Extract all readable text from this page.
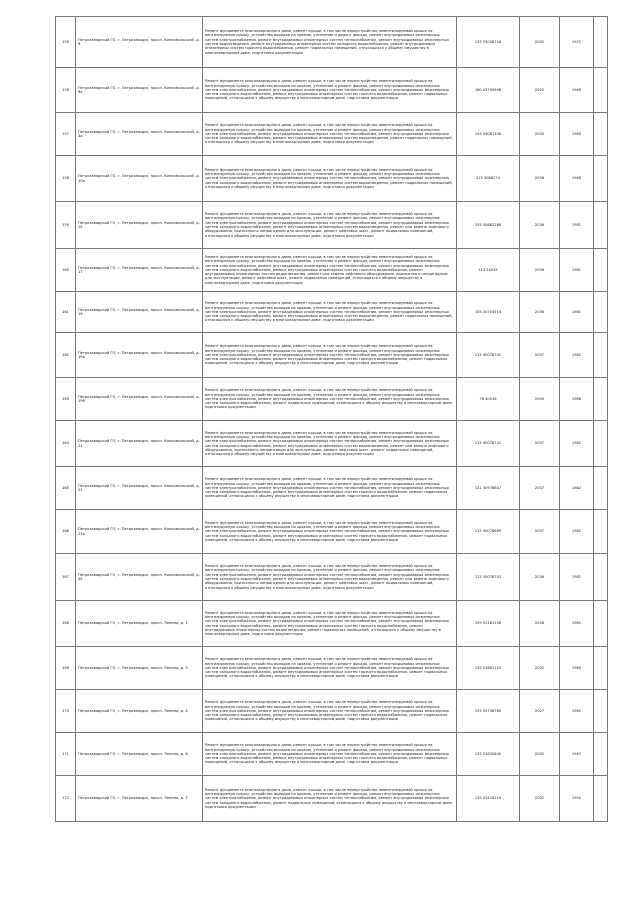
155	Петрозаводский ГО, г. Петрозаводск, просп. Комсомольский, д. 9	Ремонт фундамента многоквартирного дома, ремонт крыши, в том числе переустройство невентилируемой крыши на вентилируемую крышу, устройство выходов на кровлю, утепление и ремонт фасада, ремонт внутридомовых инженерных систем электроснабжения, ремонт внутридомовых инженерных систем теплоснабжения, ремонт внутридомовых инженерных систем водоотведения, ремонт внутридомовых инженерных систем холодного водоснабжения, ремонт внутридомовых инженерных систем горячего водоснабжения, ремонт подвальных помещений, относящихся к общему имуществу в многоквартирном доме, подготовка документации	135 53058718	2032	1971	
156	Петрозаводский ГО, г. Петрозаводск, просп. Комсомольский, д. 9а	Ремонт фундамента многоквартирного дома, ремонт крыши, в том числе переустройство невентилируемой крыши на вентилируемую крышу, устройство выходов на кровлю, утепление и ремонт фасада, ремонт внутридомовых инженерных систем электроснабжения, ремонт внутридомовых инженерных систем теплоснабжения, ремонт внутридомовых инженерных систем холодного водоснабжения, ремонт внутридомовых инженерных систем горячего водоснабжения, ремонт подвальных помещений, относящихся к общему имуществу в многоквартирном доме, подготовка документации	180 03790898	2025	1989	
157	Петрозаводский ГО, г. Петрозаводск, просп. Комсомольский, д. 3а	Ремонт фундамента многоквартирного дома, ремонт крыши, в том числе переустройство невентилируемой крыши на вентилируемую крышу, устройство выходов на кровлю, утепление и ремонт фасада, ремонт внутридомовых инженерных систем электроснабжения, ремонт внутридомовых инженерных систем теплоснабжения, ремонт внутридомовых инженерных систем холодного водоснабжения, ремонт внутридомовых инженерных систем водоотведения, ремонт подвальных помещений, относящихся к общему имуществу в многоквартирном доме, подготовка документации	155 54061338	2035	1960	
158	Петрозаводский ГО, г. Петрозаводск, просп. Комсомольский, д. 10а	Ремонт фундамента многоквартирного дома, ремонт крыши, в том числе переустройство невентилируемой крыши на вентилируемую крышу, устройство выходов на кровлю, утепление и ремонт фасада, ремонт внутридомовых инженерных систем электроснабжения, ремонт внутридомовых инженерных систем теплоснабжения, ремонт внутридомовых инженерных систем холодного водоснабжения, ремонт внутридомовых инженерных систем водоотведения, ремонт подвальных помещений, относящихся к общему имуществу в многоквартирном доме, подготовка документации	115 5088274	2036	1960	
159	Петрозаводский ГО, г. Петрозаводск, просп. Комсомольский, д. 15	Ремонт фундамента многоквартирного дома, ремонт крыши, в том числе переустройство невентилируемой крыши на вентилируемую крышу, устройство выходов на кровлю, утепление и ремонт фасада, ремонт внутридомовых инженерных систем электроснабжения, ремонт внутридомовых инженерных систем теплоснабжения, ремонт внутридомовых инженерных систем холодного водоснабжения, ремонт внутридомовых инженерных систем водоотведения, ремонт или замена лифтового оборудования, признанного непригодным для эксплуатации, ремонт лифтовых шахт, ремонт подвальных помещений, относящихся к общему имуществу в многоквартирном доме, подготовка документации	155 50882268	2036	1981	
160	Петрозаводский ГО, г. Петрозаводск, просп. Комсомольский, д. 17	Ремонт фундамента многоквартирного дома, ремонт крыши, в том числе переустройство невентилируемой крыши на вентилируемую крышу, устройство выходов на кровлю, утепление и ремонт фасада, ремонт внутридомовых инженерных систем электроснабжения, ремонт внутридомовых инженерных систем теплоснабжения, ремонт внутридомовых инженерных систем холодного водоснабжения, ремонт внутридомовых инженерных систем горячего водоснабжения, ремонт внутридомовых инженерных систем водоотведения, ремонт или замена лифтового оборудования, признанного непригодным для эксплуатации, ремонт лифтовых шахт, ремонт подвальных помещений, относящихся к общему имуществу в многоквартирном доме, подготовка документации	113 50035	2036	1981	
161	Петрозаводский ГО, г. Петрозаводск, просп. Комсомольский, д. 19	Ремонт фундамента многоквартирного дома, ремонт крыши, в том числе переустройство невентилируемой крыши на вентилируемую крышу, устройство выходов на кровлю, утепление и ремонт фасада, ремонт внутридомовых инженерных систем электроснабжения, ремонт внутридомовых инженерных систем теплоснабжения, ремонт внутридомовых инженерных систем холодного водоснабжения, ремонт внутридомовых инженерных систем водоотведения, ремонт подвальных помещений, относящихся к общему имуществу в многоквартирном доме, подготовка документации	155 50704514	2036	1981	
162	Петрозаводский ГО, г. Петрозаводск, просп. Комсомольский, д. 19а	Ремонт фундамента многоквартирного дома, ремонт крыши, в том числе переустройство невентилируемой крыши на вентилируемую крышу, устройство выходов на кровлю, утепление и ремонт фасада, ремонт внутридомовых инженерных систем электроснабжения, ремонт внутридомовых инженерных систем теплоснабжения, ремонт внутридомовых инженерных систем холодного водоснабжения, ремонт внутридомовых инженерных систем горячего водоснабжения, ремонт подвальных помещений, относящихся к общему имуществу в многоквартирном доме, подготовка документации	115 00078742	2037	1982	
163	Петрозаводский ГО, г. Петрозаводск, просп. Комсомольский, д. 19б	Ремонт фундамента многоквартирного дома, ремонт крыши, в том числе переустройство невентилируемой крыши на вентилируемую крышу, устройство выходов на кровлю, утепление и ремонт фасада, ремонт внутридомовых инженерных систем электроснабжения, ремонт внутридомовых инженерных систем теплоснабжения, ремонт внутридомовых инженерных систем холодного водоснабжения, ремонт подвальных помещений, относящихся к общему имуществу в многоквартирном доме, подготовка документации	76 40518	2049	1986	
164	Петрозаводский ГО, г. Петрозаводск, просп. Комсомольский, д. 21	Ремонт фундамента многоквартирного дома, ремонт крыши, в том числе переустройство невентилируемой крыши на вентилируемую крышу, устройство выходов на кровлю, утепление и ремонт фасада, ремонт внутридомовых инженерных систем электроснабжения, ремонт внутридомовых инженерных систем теплоснабжения, ремонт внутридомовых инженерных систем холодного водоснабжения, ремонт внутридомовых инженерных систем водоотведения, ремонт или замена лифтового оборудования, признанного непригодным для эксплуатации, ремонт лифтовых шахт, ремонт подвальных помещений, относящихся к общему имуществу в многоквартирном доме, подготовка документации	115 00078741	2037	1982	
165	Петрозаводский ГО, г. Петрозаводск, просп. Комсомольский, д. 23	Ремонт фундамента многоквартирного дома, ремонт крыши, в том числе переустройство невентилируемой крыши на вентилируемую крышу, устройство выходов на кровлю, утепление и ремонт фасада, ремонт внутридомовых инженерных систем электроснабжения, ремонт внутридомовых инженерных систем теплоснабжения, ремонт внутридомовых инженерных систем холодного водоснабжения, ремонт внутридомовых инженерных систем горячего водоснабжения, ремонт подвальных помещений, относящихся к общему имуществу в многоквартирном доме, подготовка документации	131 50978847	2037	1982	
166	Петрозаводский ГО, г. Петрозаводск, просп. Комсомольский, д. 23а	Ремонт фундамента многоквартирного дома, ремонт крыши, в том числе переустройство невентилируемой крыши на вентилируемую крышу, устройство выходов на кровлю, утепление и ремонт фасада, ремонт внутридомовых инженерных систем электроснабжения, ремонт внутридомовых инженерных систем теплоснабжения, ремонт внутридомовых инженерных систем холодного водоснабжения, ремонт внутридомовых инженерных систем горячего водоснабжения, ремонт подвальных помещений, относящихся к общему имуществу в многоквартирном доме, подготовка документации	115 50078669	2037	1982	
167	Петрозаводский ГО, г. Петрозаводск, просп. Комсомольский, д. 25	Ремонт фундамента многоквартирного дома, ремонт крыши, в том числе переустройство невентилируемой крыши на вентилируемую крышу, устройство выходов на кровлю, утепление и ремонт фасада, ремонт внутридомовых инженерных систем электроснабжения, ремонт внутридомовых инженерных систем теплоснабжения, ремонт внутридомовых инженерных систем холодного водоснабжения, ремонт внутридомовых инженерных систем водоотведения, ремонт или замена лифтового оборудования, признанного непригодным для эксплуатации, ремонт лифтовых шахт, ремонт подвальных помещений, относящихся к общему имуществу в многоквартирном доме, подготовка документации	115 50078741	2036	1982	
168	Петрозаводский ГО, г. Петрозаводск, просп. Ленина, д. 1	Ремонт фундамента многоквартирного дома, ремонт крыши, в том числе переустройство невентилируемой крыши на вентилируемую крышу, устройство выходов на кровлю, утепление и ремонт фасада, ремонт внутридомовых инженерных систем электроснабжения, ремонт внутридомовых инженерных систем теплоснабжения, ремонт внутридомовых инженерных систем холодного водоснабжения, ремонт внутридомовых инженерных систем горячего водоснабжения, ремонт внутридомовых инженерных систем водоотведения, ремонт подвальных помещений, относящихся к общему имуществу в многоквартирном доме, подготовка документации	159 52181106	2028	1961	
169	Петрозаводский ГО, г. Петрозаводск, просп. Ленина, д. 3	Ремонт фундамента многоквартирного дома, ремонт крыши, в том числе переустройство невентилируемой крыши на вентилируемую крышу, устройство выходов на кровлю, утепление и ремонт фасада, ремонт внутридомовых инженерных систем электроснабжения, ремонт внутридомовых инженерных систем теплоснабжения, ремонт внутридомовых инженерных систем холодного водоснабжения, ремонт внутридомовых инженерных систем горячего водоснабжения, ремонт подвальных помещений, относящихся к общему имуществу в многоквартирном доме, подготовка документации	135 51681123	2032	1960	
170	Петрозаводский ГО, г. Петрозаводск, просп. Ленина, д. 4	Ремонт фундамента многоквартирного дома, ремонт крыши, в том числе переустройство невентилируемой крыши на вентилируемую крышу, устройство выходов на кровлю, утепление и ремонт фасада, ремонт внутридомовых инженерных систем электроснабжения, ремонт внутридомовых инженерных систем теплоснабжения, ремонт внутридомовых инженерных систем холодного водоснабжения, ремонт внутридомовых инженерных систем горячего водоснабжения, ремонт подвальных помещений, относящихся к общему имуществу в многоквартирном доме, подготовка документации	155 55798780	2027	1962	
171	Петрозаводский ГО, г. Петрозаводск, просп. Ленина, д. 6	Ремонт фундамента многоквартирного дома, ремонт крыши, в том числе переустройство невентилируемой крыши на вентилируемую крышу, устройство выходов на кровлю, утепление и ремонт фасада, ремонт внутридомовых инженерных систем электроснабжения, ремонт внутридомовых инженерных систем теплоснабжения, ремонт внутридомовых инженерных систем холодного водоснабжения, ремонт внутридомовых инженерных систем горячего водоснабжения, ремонт подвальных помещений, относящихся к общему имуществу в многоквартирном доме, подготовка документации	135 51835840	2032	1957	
172	Петрозаводский ГО, г. Петрозаводск, просп. Ленина, д. 7	Ремонт фундамента многоквартирного дома, ремонт крыши, в том числе переустройство невентилируемой крыши на вентилируемую крышу, устройство выходов на кровлю, утепление и ремонт фасада, ремонт внутридомовых инженерных систем электроснабжения, ремонт внутридомовых инженерных систем теплоснабжения, ремонт внутридомовых инженерных систем холодного водоснабжения, ремонт подвальных помещений, относящихся к общему имуществу в многоквартирном доме, подготовка документации	135 52416210	2032	1950	
